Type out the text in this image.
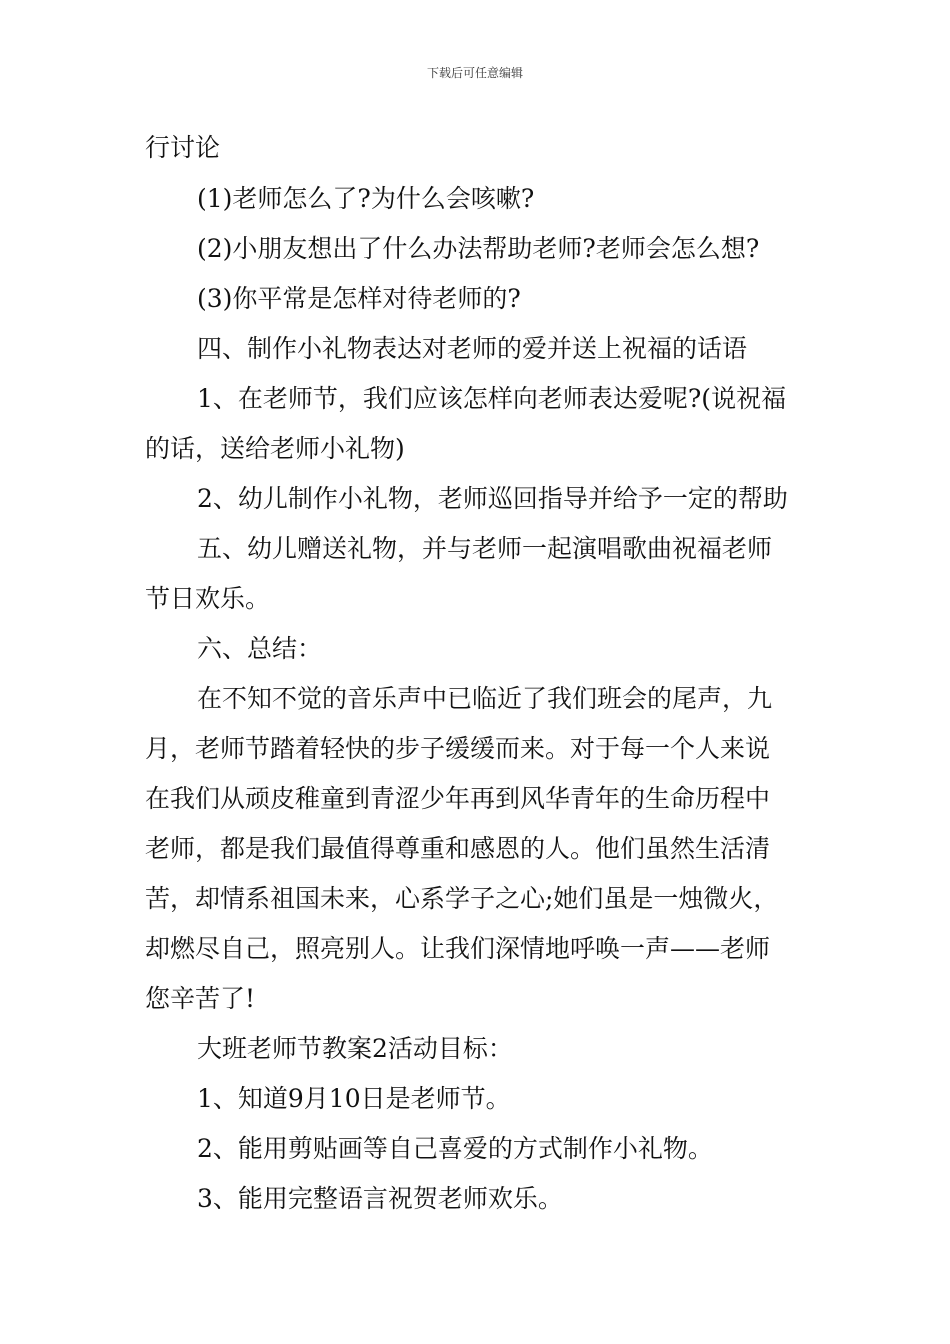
下载后可任意编辑
行讨论
(1)老师怎么了?为什么会咳嗽?
(2)小朋友想出了什么办法帮助老师?老师会怎么想?
(3)你平常是怎样对待老师的?
四、制作小礼物表达对老师的爱并送上祝福的话语
1、在老师节，我们应该怎样向老师表达爱呢?(说祝福
的话，送给老师小礼物)
2、幼儿制作小礼物，老师巡回指导并给予一定的帮助
五、幼儿赠送礼物，并与老师一起演唱歌曲祝福老师
节日欢乐。
六、总结：
在不知不觉的音乐声中已临近了我们班会的尾声，九
月，老师节踏着轻快的步子缓缓而来。对于每一个人来说
在我们从顽皮稚童到青涩少年再到风华青年的生命历程中
老师，都是我们最值得尊重和感恩的人。他们虽然生活清
苦，却情系祖国未来，心系学子之心;她们虽是一烛微火，
却燃尽自己，照亮别人。让我们深情地呼唤一声——老师
您辛苦了!
大班老师节教案2活动目标：
1、知道9月10日是老师节。
2、能用剪贴画等自己喜爱的方式制作小礼物。
3、能用完整语言祝贺老师欢乐。
